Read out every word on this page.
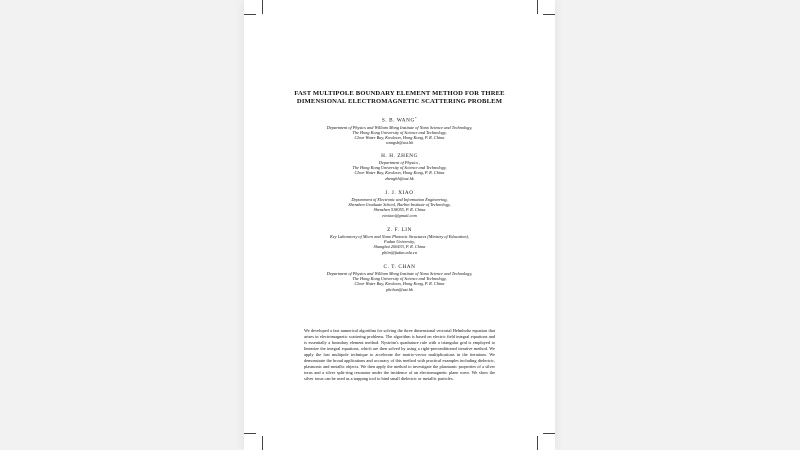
FAST MULTIPOLE BOUNDARY ELEMENT METHOD FOR THREE
DIMENSIONAL ELECTROMAGNETIC SCATTERING PROBLEM
S. B. WANG*
Department of Physics and William Mong Institute of Nano Science and Technology,
The Hong Kong University of Science and Technology,
Clear Water Bay, Kowloon, Hong Kong, P. R. China
wangsb@ust.hk
H. H. ZHENG
Department of Physics ,
The Hong Kong University of Science and Technology,
Clear Water Bay, Kowloon, Hong Kong, P. R. China
zhenghh@ust.hk
J. J. XIAO
Department of Electronic and Information Engineering,
Shenzhen Graduate School, Harbin Institute of Technology,
Shenzhen 518055, P. R. China
eiexiao@gmail.com
Z. F. LIN
Key Laboratory of Micro and Nano Photonic Structures (Ministry of Education),
Fudan University,
Shanghai 200433, P. R. China
phlin@fudan.edu.cn
C. T. CHAN
Department of Physics and William Mong Institute of Nano Science and Technology,
The Hong Kong University of Science and Technology,
Clear Water Bay, Kowloon, Hong Kong, P. R. China
phchan@ust.hk
We developed a fast numerical algorithm for solving the three dimensional vectorial Helmholtz equation that arises in electromagnetic scattering problems. The algorithm is based on electric field integral equations and is essentially a boundary element method. Nyström's quadrature rule with a triangular grid is employed to linearize the integral equations, which are then solved by using a right-preconditioned iterative method. We apply the fast multipole technique to accelerate the matrix-vector multiplications in the iterations. We demonstrate the broad applications and accuracy of this method with practical examples including dielectric, plasmonic and metallic objects. We then apply the method to investigate the plasmonic properties of a silver torus and a silver split-ring resonator under the incidence of an electromagnetic plane wave. We show the silver torus can be used as a trapping tool to bind small dielectric or metallic particles.
